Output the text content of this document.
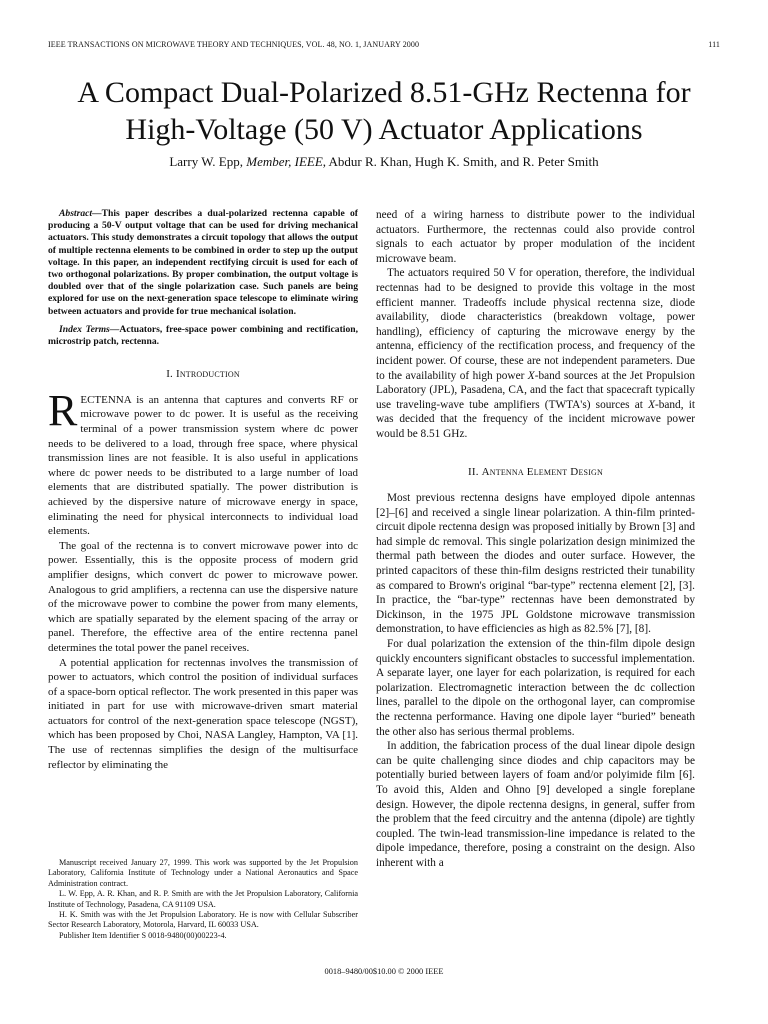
IEEE TRANSACTIONS ON MICROWAVE THEORY AND TECHNIQUES, VOL. 48, NO. 1, JANUARY 2000	111
A Compact Dual-Polarized 8.51-GHz Rectenna for
High-Voltage (50 V) Actuator Applications
Larry W. Epp, Member, IEEE, Abdur R. Khan, Hugh K. Smith, and R. Peter Smith

Abstract—This paper describes a dual-polarized rectenna capable of producing a 50-V output voltage that can be used for driving mechanical actuators. This study demonstrates a circuit topology that allows the output of multiple rectenna elements to be combined in order to step up the output voltage. In this paper, an independent rectifying circuit is used for each of two orthogonal polarizations. By proper combination, the output voltage is doubled over that of the single polarization case. Such panels are being explored for use on the next-generation space telescope to eliminate wiring between actuators and provide for true mechanical isolation.

Index Terms—Actuators, free-space power combining and rectification, microstrip patch, rectenna.

I. Introduction

RECTENNA is an antenna that captures and converts RF or microwave power to dc power. It is useful as the receiving terminal of a power transmission system where dc power needs to be delivered to a load, through free space, where physical transmission lines are not feasible. It is also useful in applications where dc power needs to be distributed to a large number of load elements that are distributed spatially. The power distribution is achieved by the dispersive nature of microwave energy in space, eliminating the need for physical interconnects to individual load elements.

The goal of the rectenna is to convert microwave power into dc power. Essentially, this is the opposite process of modern grid amplifier designs, which convert dc power to microwave power. Analogous to grid amplifiers, a rectenna can use the dispersive nature of the microwave power to combine the power from many elements, which are spatially separated by the element spacing of the array or panel. Therefore, the effective area of the entire rectenna panel determines the total power the panel receives.

A potential application for rectennas involves the transmission of power to actuators, which control the position of individual surfaces of a space-born optical reflector. The work presented in this paper was initiated in part for use with microwave-driven smart material actuators for control of the next-generation space telescope (NGST), which has been proposed by Choi, NASA Langley, Hampton, VA [1]. The use of rectennas simplifies the design of the multisurface reflector by eliminating the

Manuscript received January 27, 1999. This work was supported by the Jet Propulsion Laboratory, California Institute of Technology under a National Aeronautics and Space Administration contract.

L. W. Epp, A. R. Khan, and R. P. Smith are with the Jet Propulsion Laboratory, California Institute of Technology, Pasadena, CA 91109 USA.

H. K. Smith was with the Jet Propulsion Laboratory. He is now with Cellular Subscriber Sector Research Laboratory, Motorola, Harvard, IL 60033 USA.

Publisher Item Identifier S 0018-9480(00)00223-4.

need of a wiring harness to distribute power to the individual actuators. Furthermore, the rectennas could also provide control signals to each actuator by proper modulation of the incident microwave beam.

The actuators required 50 V for operation, therefore, the individual rectennas had to be designed to provide this voltage in the most efficient manner. Tradeoffs include physical rectenna size, diode availability, diode characteristics (breakdown voltage, power handling), efficiency of capturing the microwave energy by the antenna, efficiency of the rectification process, and frequency of the incident power. Of course, these are not independent parameters. Due to the availability of high power X-band sources at the Jet Propulsion Laboratory (JPL), Pasadena, CA, and the fact that spacecraft typically use traveling-wave tube amplifiers (TWTA's) sources at X-band, it was decided that the frequency of the incident microwave power would be 8.51 GHz.

II. Antenna Element Design

Most previous rectenna designs have employed dipole antennas [2]–[6] and received a single linear polarization. A thin-film printed-circuit dipole rectenna design was proposed initially by Brown [3] and had simple dc removal. This single polarization design minimized the thermal path between the diodes and outer surface. However, the printed capacitors of these thin-film designs restricted their tunability as compared to Brown's original “bar-type” rectenna element [2], [3]. In practice, the “bar-type” rectennas have been demonstrated by Dickinson, in the 1975 JPL Goldstone microwave transmission demonstration, to have efficiencies as high as 82.5% [7], [8].

For dual polarization the extension of the thin-film dipole design quickly encounters significant obstacles to successful implementation. A separate layer, one layer for each polarization, is required for each polarization. Electromagnetic interaction between the dc collection lines, parallel to the dipole on the orthogonal layer, can compromise the rectenna performance. Having one dipole layer “buried” beneath the other also has serious thermal problems.

In addition, the fabrication process of the dual linear dipole design can be quite challenging since diodes and chip capacitors may be potentially buried between layers of foam and/or polyimide film [6]. To avoid this, Alden and Ohno [9] developed a single foreplane design. However, the dipole rectenna designs, in general, suffer from the problem that the feed circuitry and the antenna (dipole) are tightly coupled. The twin-lead transmission-line impedance is related to the dipole impedance, therefore, posing a constraint on the design. Also inherent with a

0018–9480/00$10.00 © 2000 IEEE
